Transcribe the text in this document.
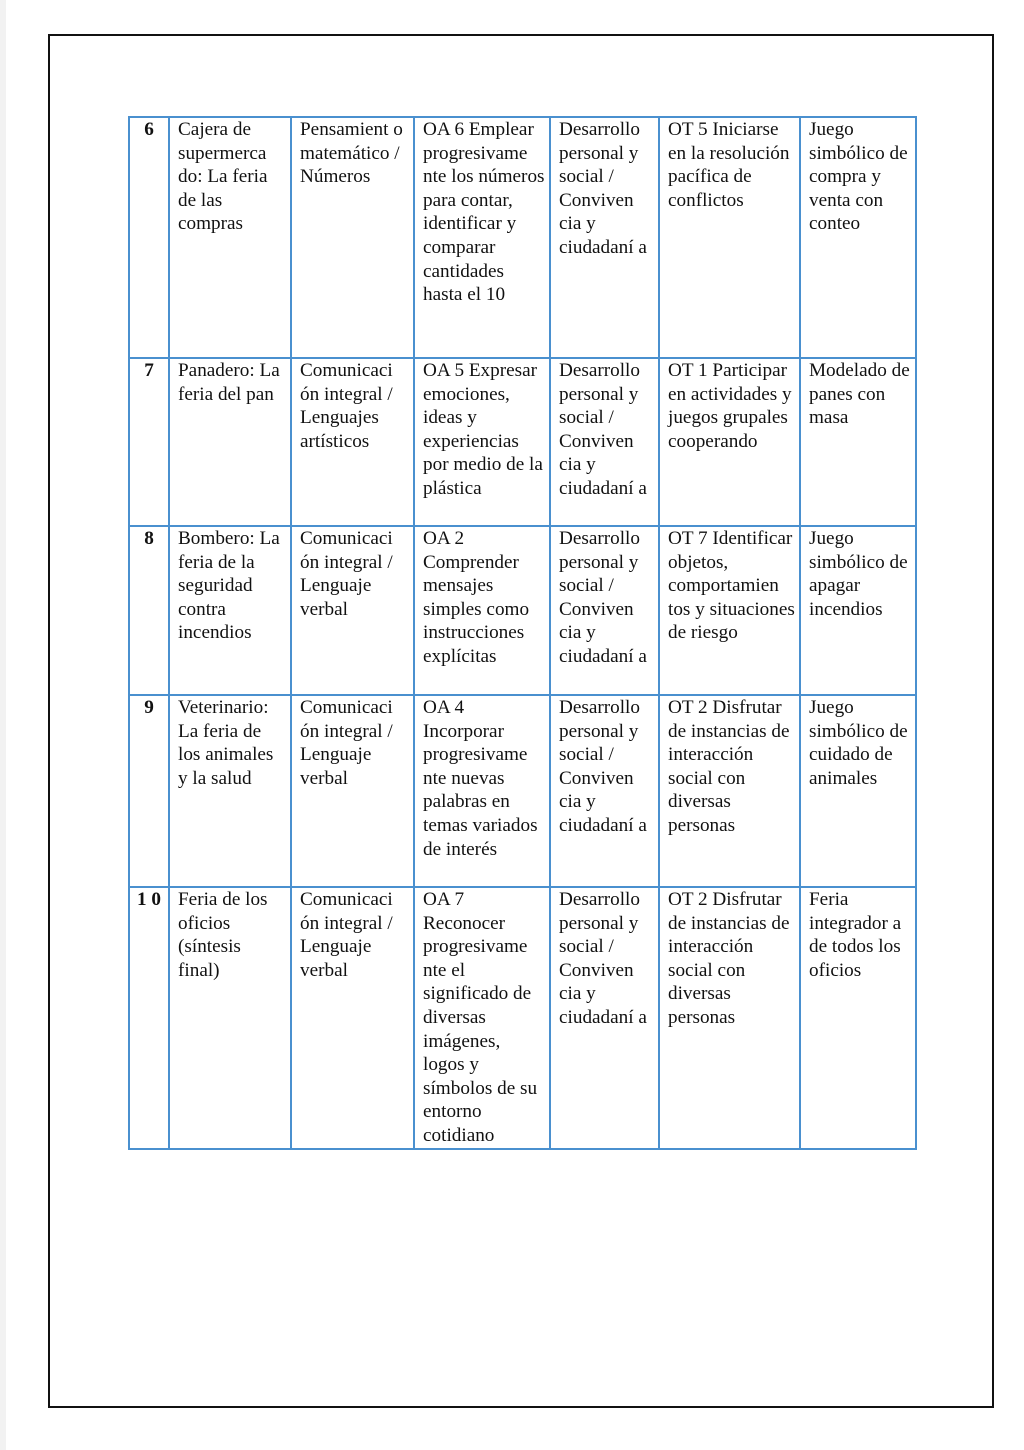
6	Cajera de supermerca do: La feria de las compras	Pensamient o matemático / Números	OA 6 Emplear progresivame nte los números para contar, identificar y comparar cantidades hasta el 10	Desarrollo personal y social / Conviven cia y ciudadaní a	OT 5 Iniciarse en la resolución pacífica de conflictos	Juego simbólico de compra y venta con conteo
7	Panadero: La feria del pan	Comunicaci ón integral / Lenguajes artísticos	OA 5 Expresar emociones, ideas y experiencias por medio de la plástica	Desarrollo personal y social / Conviven cia y ciudadaní a	OT 1 Participar en actividades y juegos grupales cooperando	Modelado de panes con masa
8	Bombero: La feria de la seguridad contra incendios	Comunicaci ón integral / Lenguaje verbal	OA 2 Comprender mensajes simples como instrucciones explícitas	Desarrollo personal y social / Conviven cia y ciudadaní a	OT 7 Identificar objetos, comportamien tos y situaciones de riesgo	Juego simbólico de apagar incendios
9	Veterinario: La feria de los animales y la salud	Comunicaci ón integral / Lenguaje verbal	OA 4 Incorporar progresivame nte nuevas palabras en temas variados de interés	Desarrollo personal y social / Conviven cia y ciudadaní a	OT 2 Disfrutar de instancias de interacción social con diversas personas	Juego simbólico de cuidado de animales
1 0	Feria de los oficios (síntesis final)	Comunicaci ón integral / Lenguaje verbal	OA 7 Reconocer progresivame nte el significado de diversas imágenes, logos y símbolos de su entorno cotidiano	Desarrollo personal y social / Conviven cia y ciudadaní a	OT 2 Disfrutar de instancias de interacción social con diversas personas	Feria integrador a de todos los oficios
